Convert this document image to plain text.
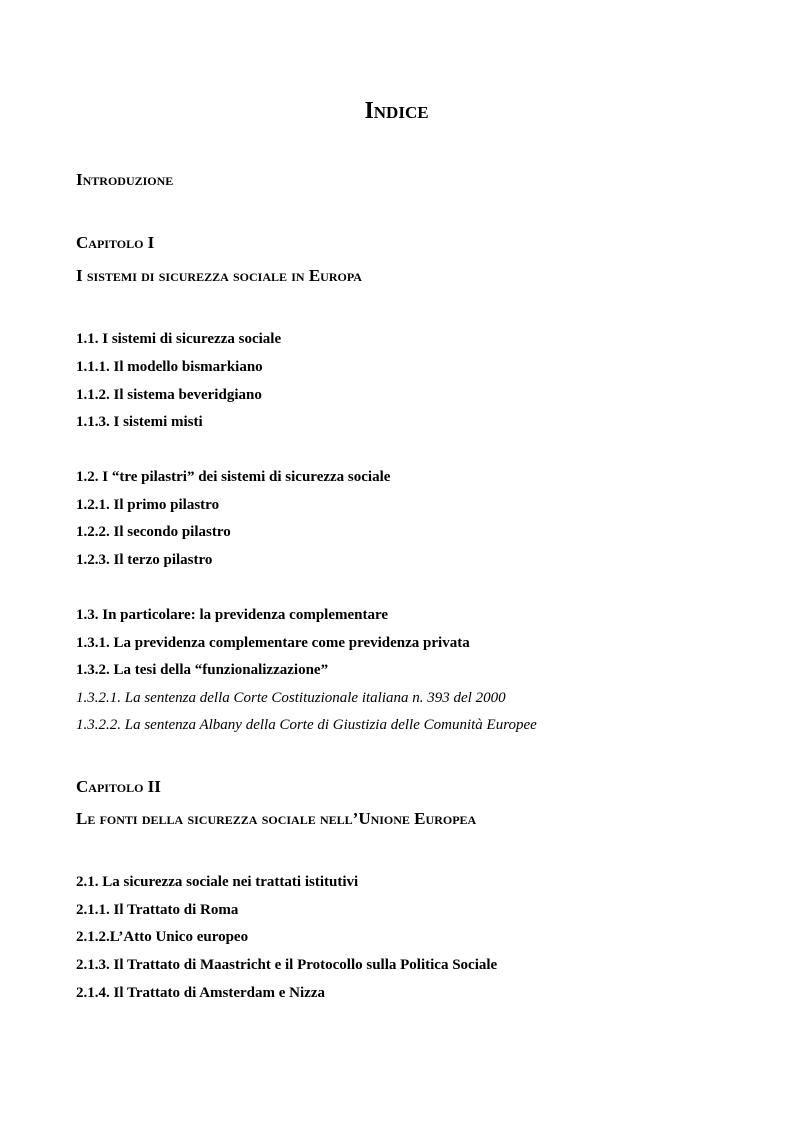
Indice
Introduzione
Capitolo I
I sistemi di sicurezza sociale in Europa
1.1. I sistemi di sicurezza sociale
1.1.1. Il modello bismarkiano
1.1.2. Il sistema beveridgiano
1.1.3. I sistemi misti
1.2. I “tre pilastri” dei sistemi di sicurezza sociale
1.2.1. Il primo pilastro
1.2.2. Il secondo pilastro
1.2.3. Il terzo pilastro
1.3. In particolare: la previdenza complementare
1.3.1. La previdenza complementare come previdenza privata
1.3.2. La tesi della “funzionalizzazione”
1.3.2.1. La sentenza della Corte Costituzionale italiana n. 393 del 2000
1.3.2.2. La sentenza Albany della Corte di Giustizia delle Comunità Europee
Capitolo II
Le fonti della sicurezza sociale nell’Unione Europea
2.1. La sicurezza sociale nei trattati istitutivi
2.1.1. Il Trattato di Roma
2.1.2.L’Atto Unico europeo
2.1.3. Il Trattato di Maastricht e il Protocollo sulla Politica Sociale
2.1.4. Il Trattato di Amsterdam e Nizza
